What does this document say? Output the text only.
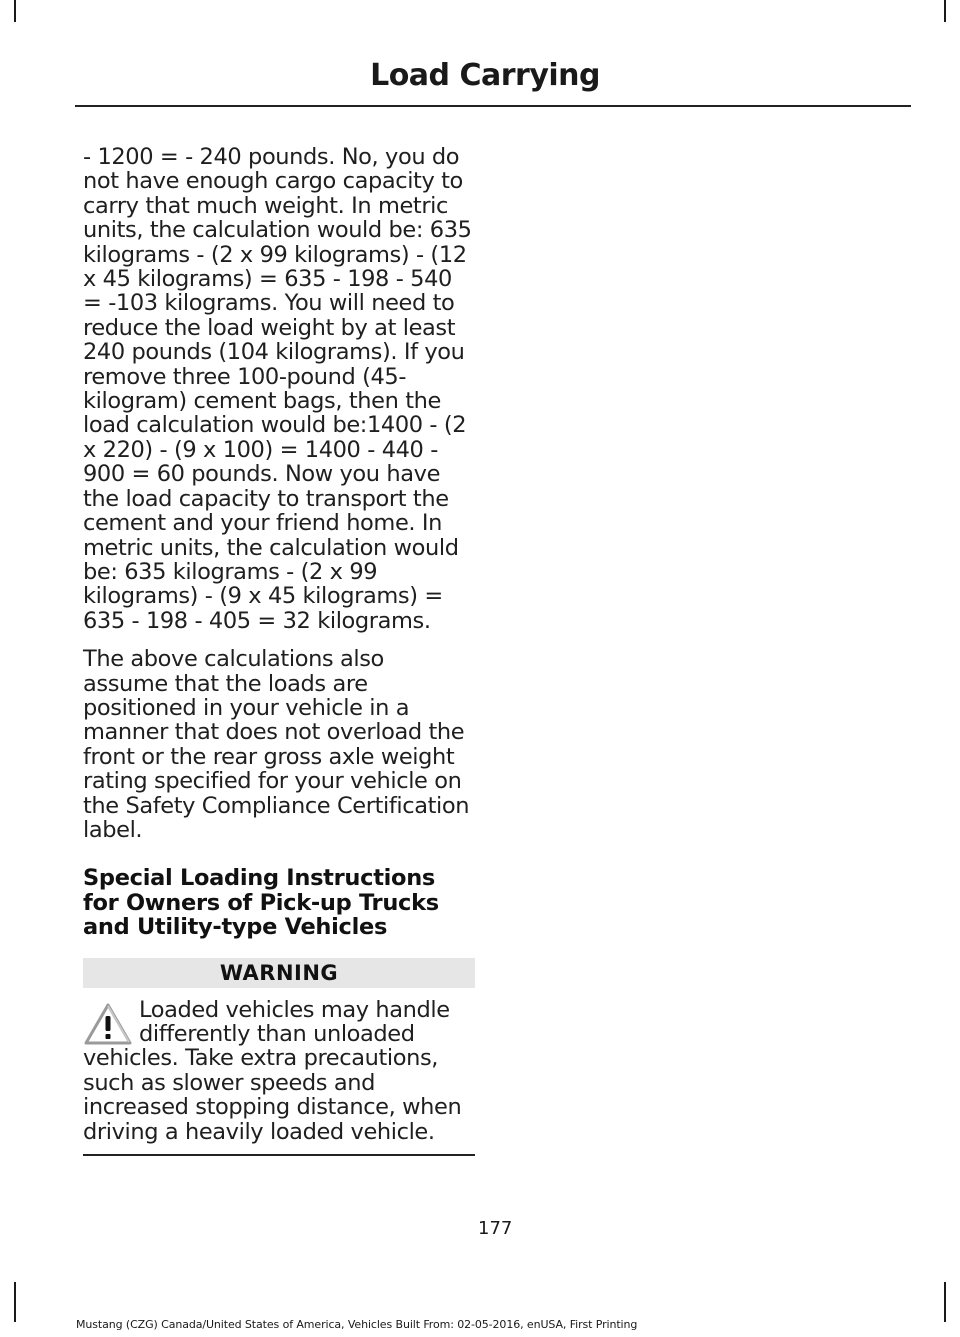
Load Carrying

- 1200 = - 240 pounds. No, you do not have enough cargo capacity to carry that much weight. In metric units, the calculation would be: 635 kilograms - (2 x 99 kilograms) - (12 x 45 kilograms) = 635 - 198 - 540 = -103 kilograms. You will need to reduce the load weight by at least 240 pounds (104 kilograms). If you remove three 100-pound (45-kilogram) cement bags, then the load calculation would be:1400 - (2 x 220) - (9 x 100) = 1400 - 440 - 900 = 60 pounds. Now you have the load capacity to transport the cement and your friend home. In metric units, the calculation would be: 635 kilograms - (2 x 99 kilograms) - (9 x 45 kilograms) = 635 - 198 - 405 = 32 kilograms.

The above calculations also assume that the loads are positioned in your vehicle in a manner that does not overload the front or the rear gross axle weight rating specified for your vehicle on the Safety Compliance Certification label.

Special Loading Instructions for Owners of Pick-up Trucks and Utility-type Vehicles
WARNING

Loaded vehicles may handle differently than unloaded vehicles. Take extra precautions, such as slower speeds and increased stopping distance, when driving a heavily loaded vehicle.

177
Mustang (CZG) Canada/United States of America, Vehicles Built From: 02-05-2016, enUSA, First Printing
